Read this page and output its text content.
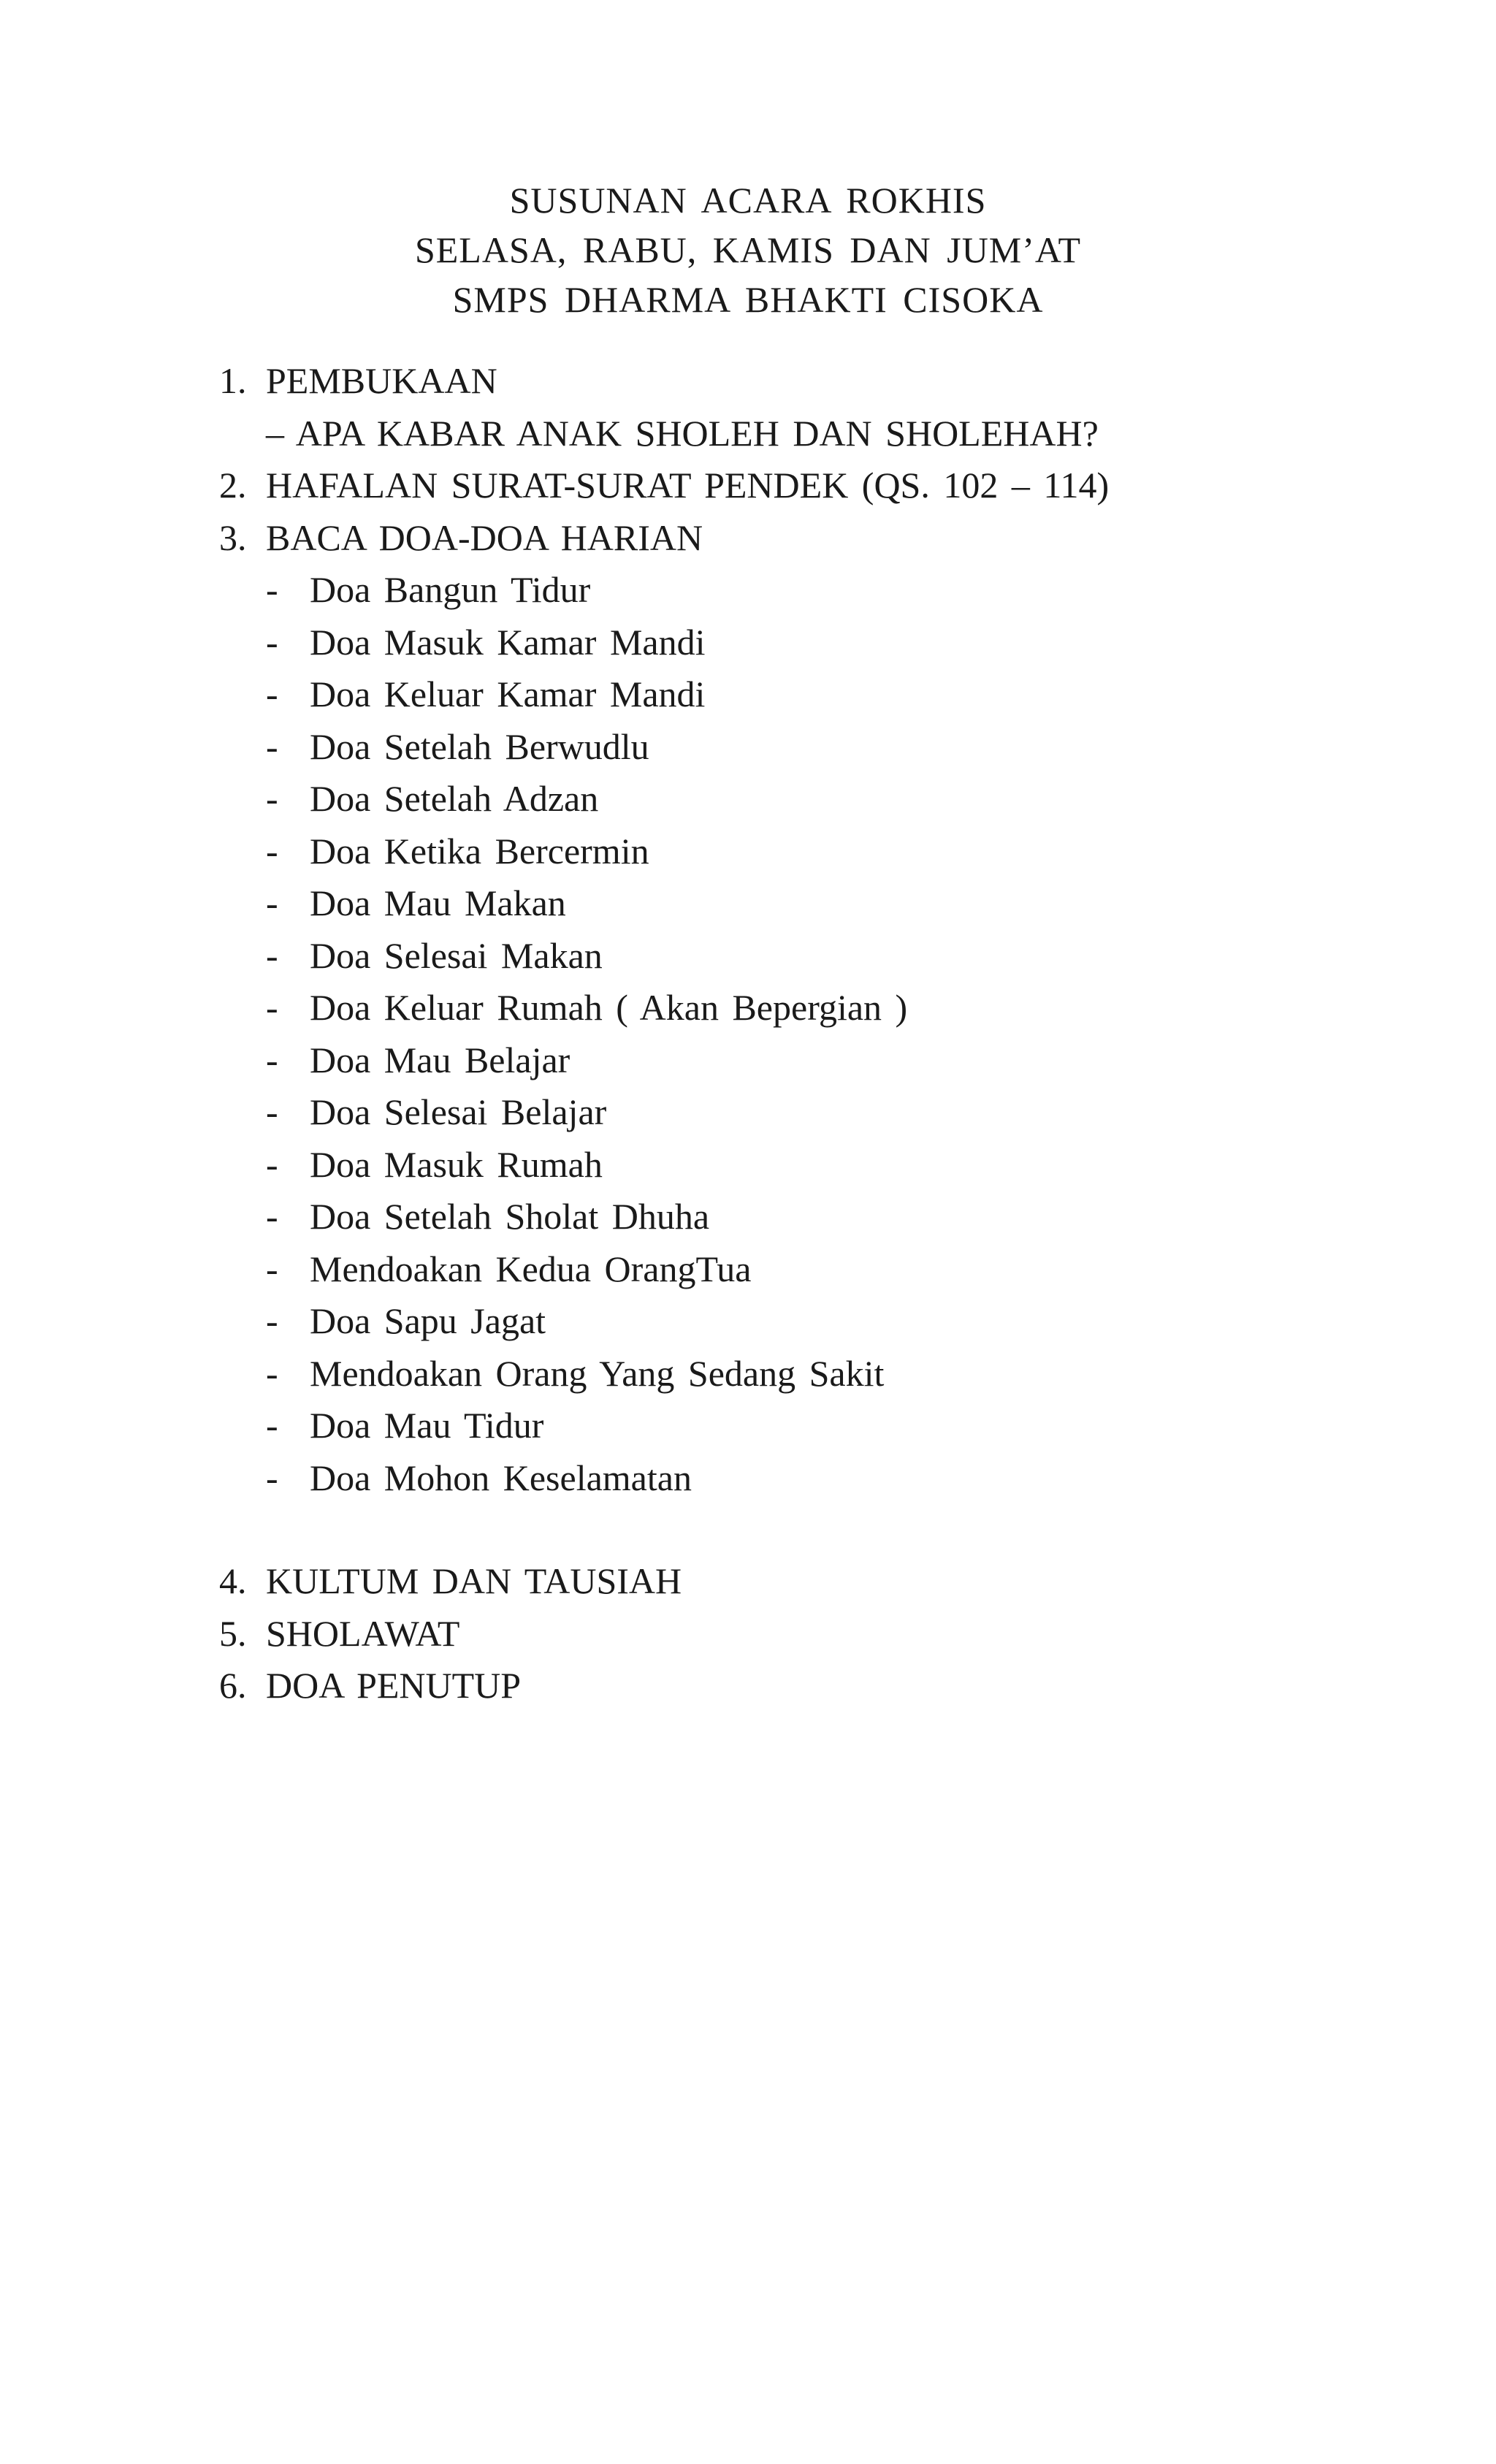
SUSUNAN ACARA ROKHIS
SELASA, RABU, KAMIS DAN JUM’AT
SMPS DHARMA BHAKTI CISOKA
1. PEMBUKAAN
– APA KABAR ANAK SHOLEH DAN SHOLEHAH?
2. HAFALAN SURAT-SURAT PENDEK (QS. 102 – 114)
3. BACA DOA-DOA HARIAN
- Doa Bangun Tidur
- Doa Masuk Kamar Mandi
- Doa Keluar Kamar Mandi
- Doa Setelah Berwudlu
- Doa Setelah Adzan
- Doa Ketika Bercermin
- Doa Mau Makan
- Doa Selesai Makan
- Doa Keluar Rumah ( Akan Bepergian )
- Doa Mau Belajar
- Doa Selesai Belajar
- Doa Masuk Rumah
- Doa Setelah Sholat Dhuha
- Mendoakan Kedua OrangTua
- Doa Sapu Jagat
- Mendoakan Orang Yang Sedang Sakit
- Doa Mau Tidur
- Doa Mohon Keselamatan
4. KULTUM DAN TAUSIAH
5. SHOLAWAT
6. DOA PENUTUP
